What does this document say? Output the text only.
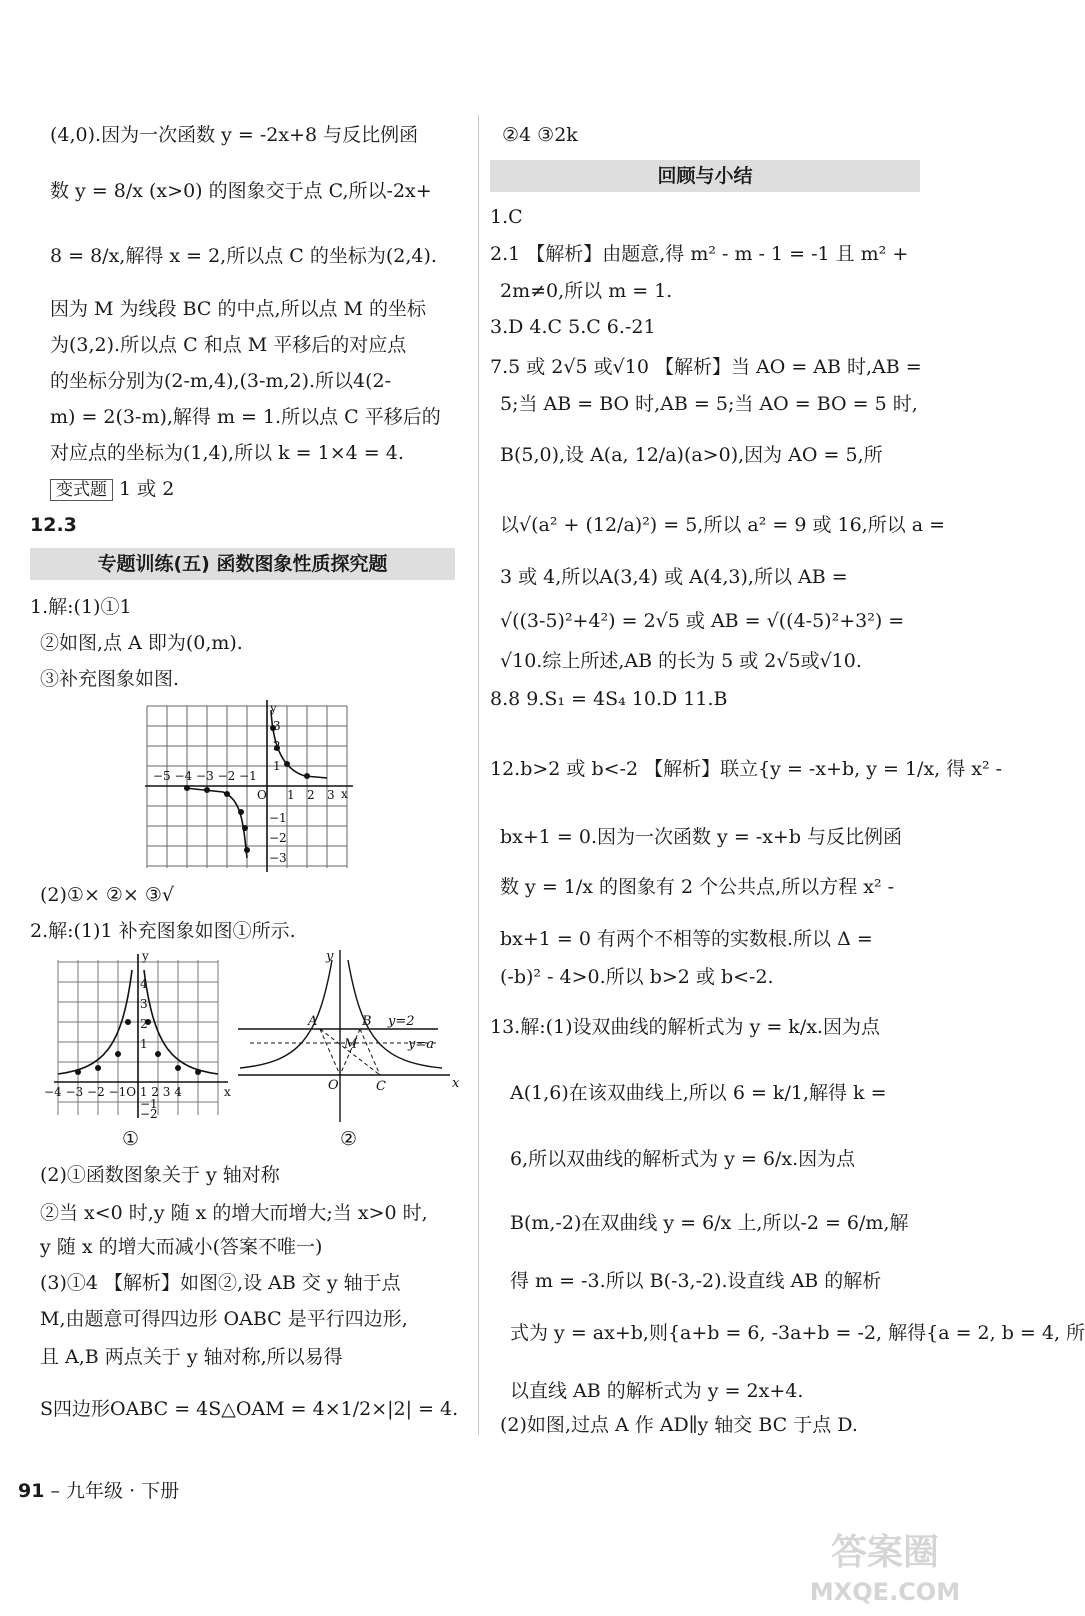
(4,0).因为一次函数 y = -2x+8 与反比例函
数 y = 8/x (x>0) 的图象交于点 C,所以-2x+
8 = 8/x,解得 x = 2,所以点 C 的坐标为(2,4).
因为 M 为线段 BC 的中点,所以点 M 的坐标
为(3,2).所以点 C 和点 M 平移后的对应点
的坐标分别为(2-m,4),(3-m,2).所以4(2-
m) = 2(3-m),解得 m = 1.所以点 C 平移后的
对应点的坐标为(1,4),所以 k = 1×4 = 4.
变式题 1 或 2
12.3
专题训练(五) 函数图象性质探究题
1.解:(1)①1
②如图,点 A 即为(0,m).
③补充图象如图.
y
x
O
3
2
1
1 2 3
−5 −4 −3 −2 −1
−1
−2
−3
(2)①× ②× ③√
2.解:(1)1 补充图象如图①所示.
y
x
−4 −3 −2 −1O 1 2 3 4
4
3
2
1
−1
−2
①
y
x
O
A	B
M
C
y=2
y=a
②
(2)①函数图象关于 y 轴对称
②当 x<0 时,y 随 x 的增大而增大;当 x>0 时,
y 随 x 的增大而减小(答案不唯一)
(3)①4 【解析】如图②,设 AB 交 y 轴于点
M,由题意可得四边形 OABC 是平行四边形,
且 A,B 两点关于 y 轴对称,所以易得
S四边形OABC = 4S△OAM = 4×1/2×|2| = 4.
②4 ③2k
回顾与小结
1.C
2.1 【解析】由题意,得 m² - m - 1 = -1 且 m² +
2m≠0,所以 m = 1.
3.D 4.C 5.C 6.-21
7.5 或 2√5 或√10 【解析】当 AO = AB 时,AB =
5;当 AB = BO 时,AB = 5;当 AO = BO = 5 时,
B(5,0),设 A(a, 12/a)(a>0),因为 AO = 5,所
以√(a² + (12/a)²) = 5,所以 a² = 9 或 16,所以 a =
3 或 4,所以A(3,4) 或 A(4,3),所以 AB =
√((3-5)²+4²) = 2√5 或 AB = √((4-5)²+3²) =
√10.综上所述,AB 的长为 5 或 2√5或√10.
8.8 9.S₁ = 4S₄ 10.D 11.B
12.b>2 或 b<-2 【解析】联立{y = -x+b, y = 1/x, 得 x² -
bx+1 = 0.因为一次函数 y = -x+b 与反比例函
数 y = 1/x 的图象有 2 个公共点,所以方程 x² -
bx+1 = 0 有两个不相等的实数根.所以 Δ =
(-b)² - 4>0.所以 b>2 或 b<-2.
13.解:(1)设双曲线的解析式为 y = k/x.因为点
A(1,6)在该双曲线上,所以 6 = k/1,解得 k =
6,所以双曲线的解析式为 y = 6/x.因为点
B(m,-2)在双曲线 y = 6/x 上,所以-2 = 6/m,解
得 m = -3.所以 B(-3,-2).设直线 AB 的解析
式为 y = ax+b,则{a+b = 6, -3a+b = -2, 解得{a = 2, b = 4, 所
以直线 AB 的解析式为 y = 2x+4.
(2)如图,过点 A 作 AD∥y 轴交 BC 于点 D.
91 – 九年级 · 下册
答案圈
MXQE.COM
